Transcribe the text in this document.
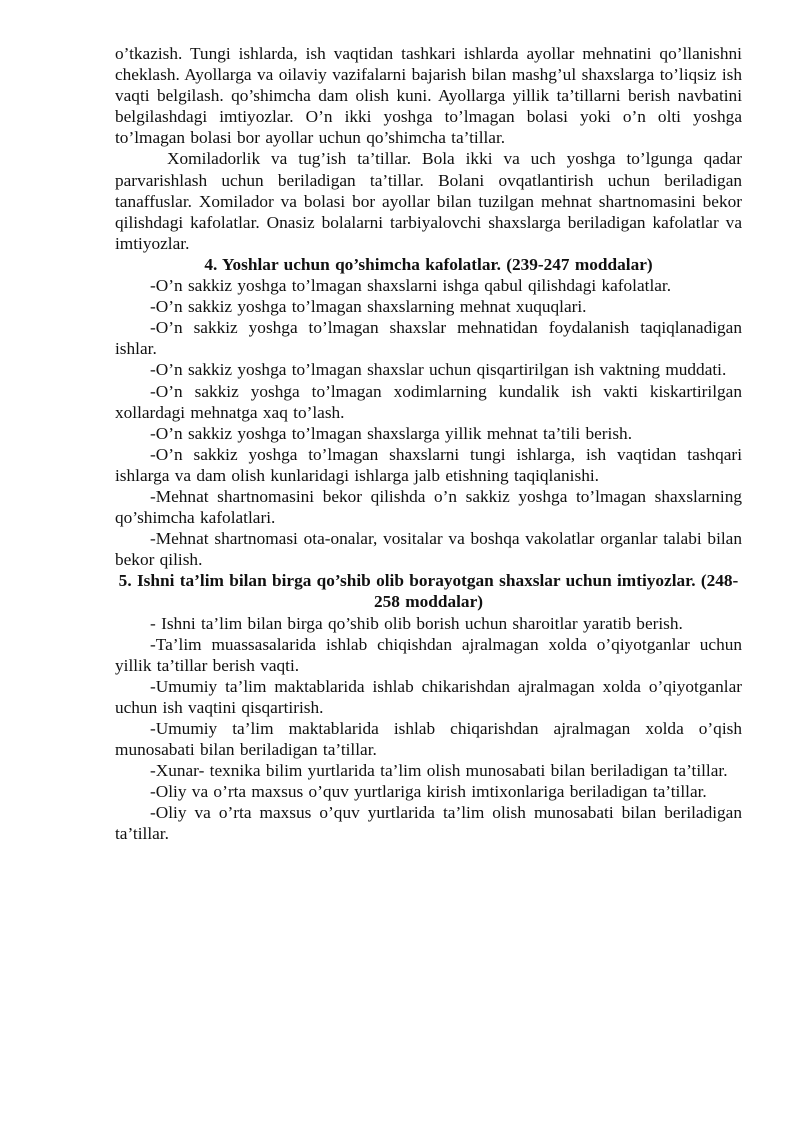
o’tkazish. Tungi ishlarda, ish vaqtidan tashkari ishlarda ayollar mehnatini qo’llanishni cheklash. Ayollarga va oilaviy vazifalarni bajarish bilan mashg’ul shaxslarga to’liqsiz ish vaqti belgilash. qo’shimcha dam olish kuni. Ayollarga yillik ta’tillarni berish navbatini belgilashdagi imtiyozlar. O’n ikki yoshga to’lmagan bolasi yoki o’n olti yoshga to’lmagan bolasi bor ayollar uchun qo’shimcha ta’tillar.

Xomiladorlik va tug’ish ta’tillar. Bola ikki va uch yoshga to’lgunga qadar parvarishlash uchun beriladigan ta’tillar. Bolani ovqatlantirish uchun beriladigan tanaffuslar. Xomilador va bolasi bor ayollar bilan tuzilgan mehnat shartnomasini bekor qilishdagi kafolatlar. Onasiz bolalarni tarbiyalovchi shaxslarga beriladigan kafolatlar va imtiyozlar.

4. Yoshlar uchun qo’shimcha kafolatlar. (239-247 moddalar)

-O’n sakkiz yoshga to’lmagan shaxslarni ishga qabul qilishdagi kafolatlar.

-O’n sakkiz yoshga to’lmagan shaxslarning mehnat xuquqlari.

-O’n sakkiz yoshga to’lmagan shaxslar mehnatidan foydalanish taqiqlanadigan ishlar.

-O’n sakkiz yoshga to’lmagan shaxslar uchun qisqartirilgan ish vaktning muddati.

-O’n sakkiz yoshga to’lmagan xodimlarning kundalik ish vakti kiskartirilgan xollardagi mehnatga xaq to’lash.

-O’n sakkiz yoshga to’lmagan shaxslarga yillik mehnat ta’tili berish.

-O’n sakkiz yoshga to’lmagan shaxslarni tungi ishlarga, ish vaqtidan tashqari ishlarga va dam olish kunlaridagi ishlarga jalb etishning taqiqlanishi.

-Mehnat shartnomasini bekor qilishda o’n sakkiz yoshga to’lmagan shaxslarning qo’shimcha kafolatlari.

-Mehnat shartnomasi ota-onalar, vositalar va boshqa vakolatlar organlar talabi bilan bekor qilish.

5. Ishni ta’lim bilan birga qo’shib olib borayotgan shaxslar uchun imtiyozlar. (248-258 moddalar)

- Ishni ta’lim bilan birga qo’shib olib borish uchun sharoitlar yaratib berish.

-Ta’lim muassasalarida ishlab chiqishdan ajralmagan xolda o’qiyotganlar uchun yillik ta’tillar berish vaqti.

-Umumiy ta’lim maktablarida ishlab chikarishdan ajralmagan xolda o’qiyotganlar uchun ish vaqtini qisqartirish.

-Umumiy ta’lim maktablarida ishlab chiqarishdan ajralmagan xolda o’qish munosabati bilan beriladigan ta’tillar.

-Xunar- texnika bilim yurtlarida ta’lim olish munosabati bilan beriladigan ta’tillar.

-Oliy va o’rta maxsus o’quv yurtlariga kirish imtixonlariga beriladigan ta’tillar.

-Oliy va o’rta maxsus o’quv yurtlarida ta’lim olish munosabati bilan beriladigan ta’tillar.
